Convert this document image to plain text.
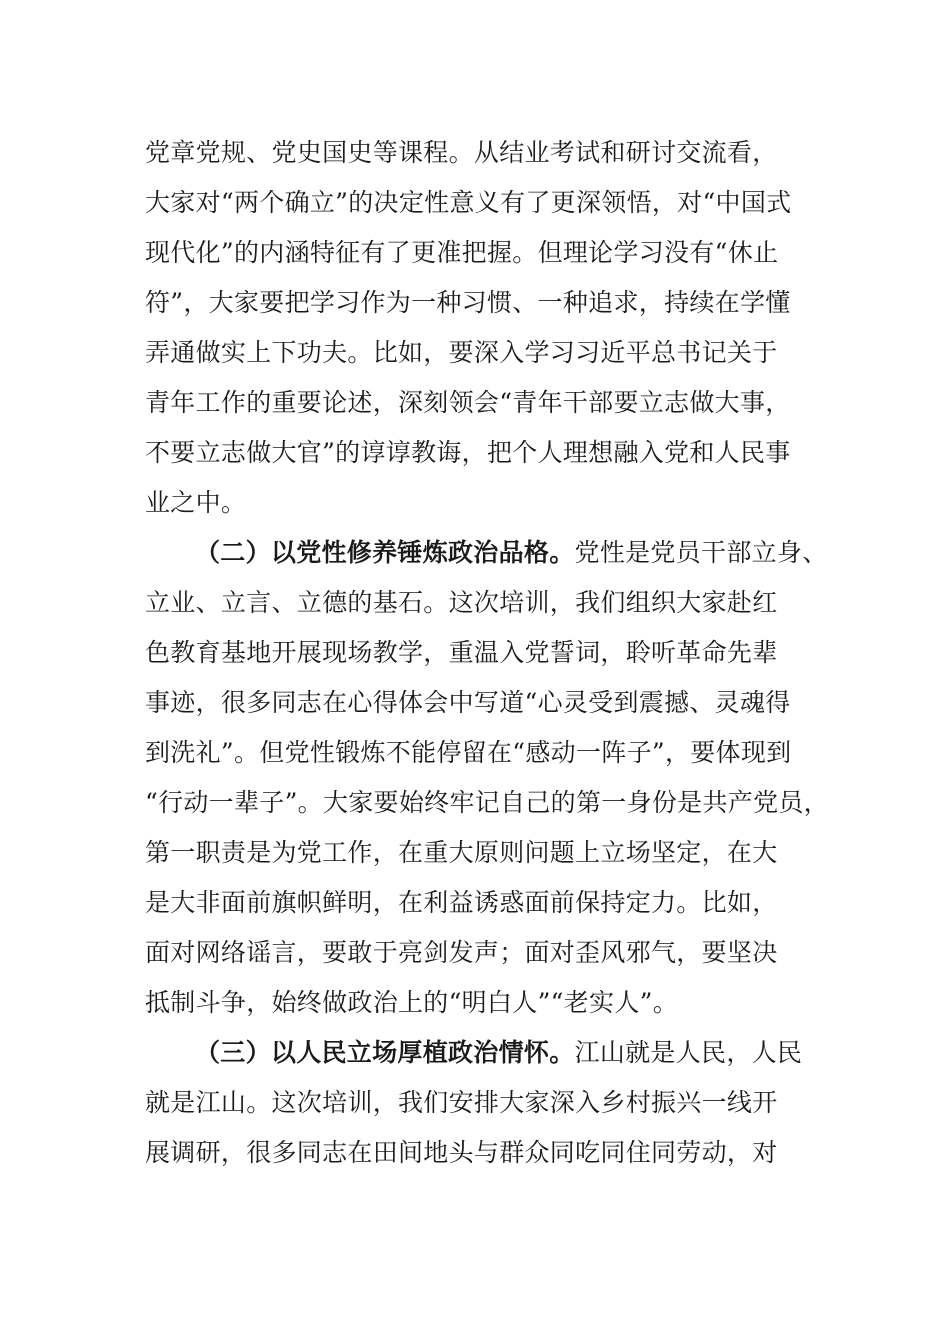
党章党规、党史国史等课程。从结业考试和研讨交流看，
大家对“两个确立”的决定性意义有了更深领悟，对“中国式
现代化”的内涵特征有了更准把握。但理论学习没有“休止
符”，大家要把学习作为一种习惯、一种追求，持续在学懂
弄通做实上下功夫。比如，要深入学习习近平总书记关于
青年工作的重要论述，深刻领会“青年干部要立志做大事，
不要立志做大官”的谆谆教诲，把个人理想融入党和人民事
业之中。
（二）以党性修养锤炼政治品格。党性是党员干部立身、
立业、立言、立德的基石。这次培训，我们组织大家赴红
色教育基地开展现场教学，重温入党誓词，聆听革命先辈
事迹，很多同志在心得体会中写道“心灵受到震撼、灵魂得
到洗礼”。但党性锻炼不能停留在“感动一阵子”，要体现到
“行动一辈子”。大家要始终牢记自己的第一身份是共产党员，
第一职责是为党工作，在重大原则问题上立场坚定，在大
是大非面前旗帜鲜明，在利益诱惑面前保持定力。比如，
面对网络谣言，要敢于亮剑发声；面对歪风邪气，要坚决
抵制斗争，始终做政治上的“明白人”“老实人”。
（三）以人民立场厚植政治情怀。江山就是人民，人民
就是江山。这次培训，我们安排大家深入乡村振兴一线开
展调研，很多同志在田间地头与群众同吃同住同劳动，对
